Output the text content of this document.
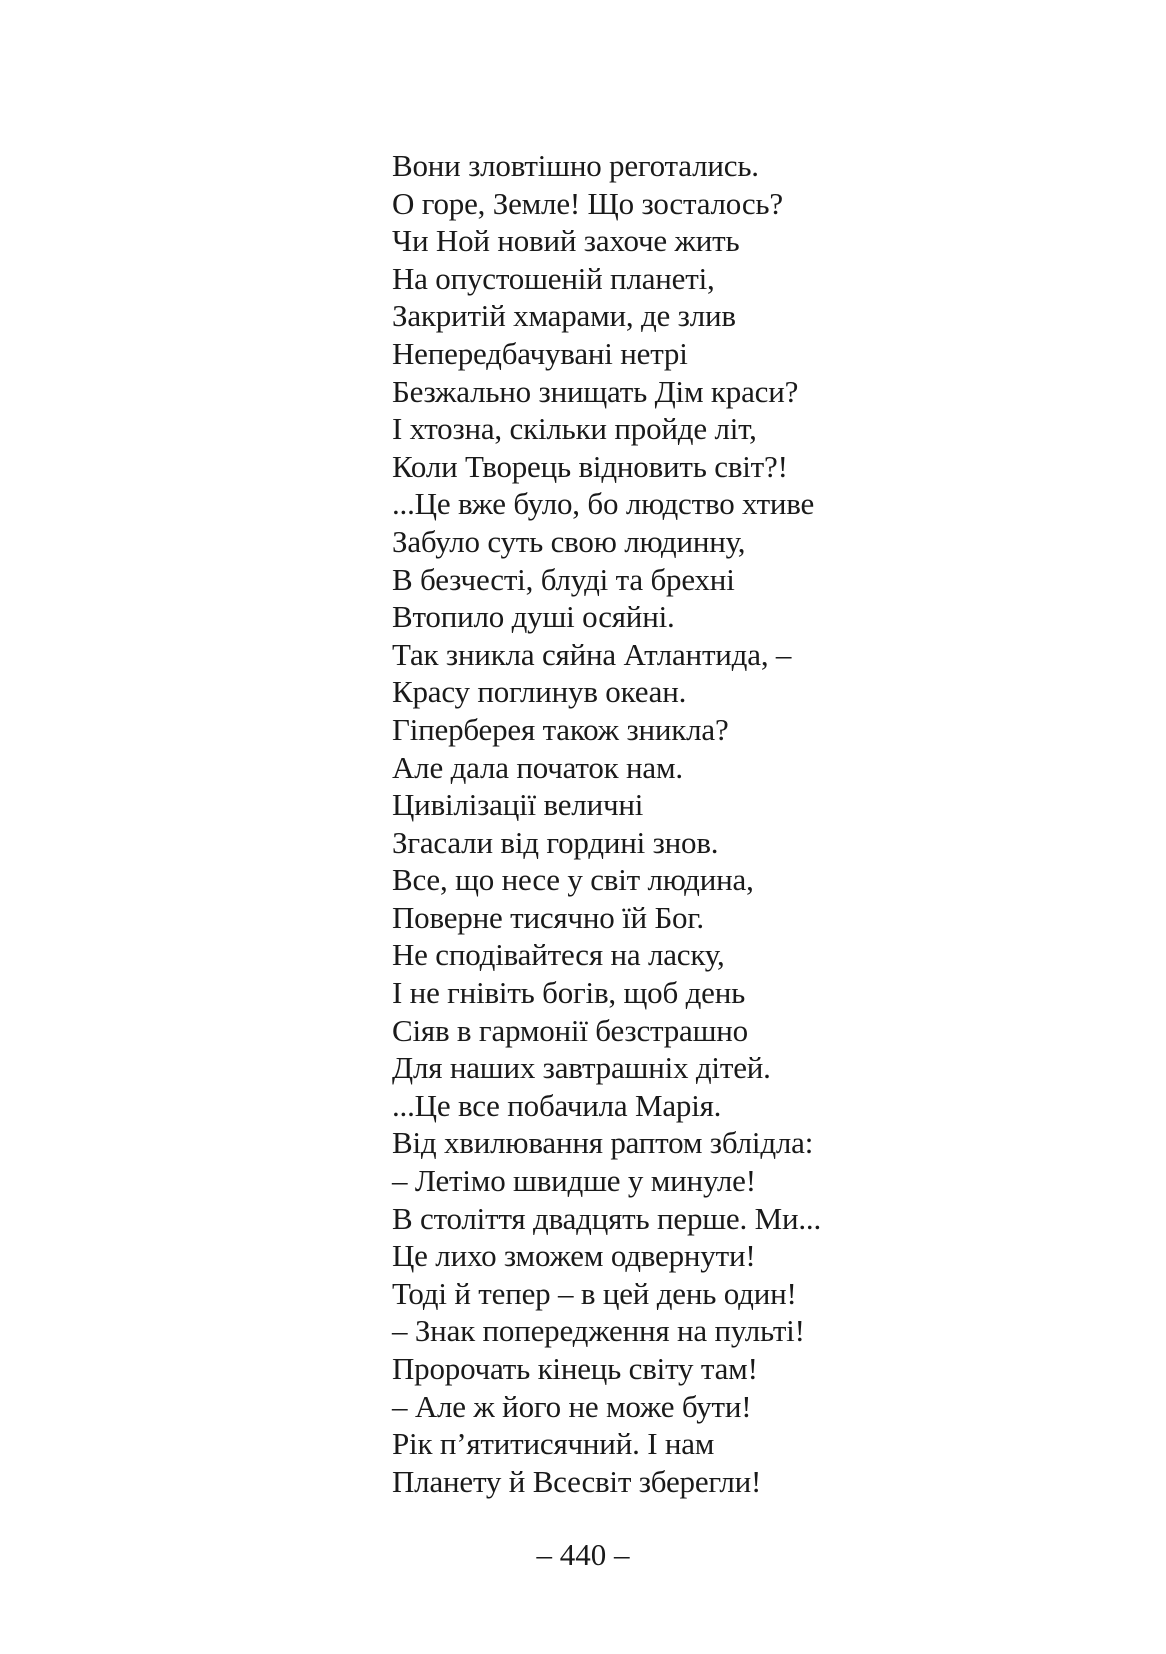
Вони зловтішно реготались.
О горе, Земле! Що зосталось?
Чи Ной новий захоче жить
На опустошеній планеті,
Закритій хмарами, де злив
Непередбачувані нетрі
Безжально знищать Дім краси?
І хтозна, скільки пройде літ,
Коли Творець відновить світ?!
...Це вже було, бо людство хтиве
Забуло суть свою людинну,
В безчесті, блуді та брехні
Втопило душі осяйні.
Так зникла сяйна Атлантида, –
Красу поглинув океан.
Гіперберея також зникла?
Але дала початок нам.
Цивілізації величні
Згасали від гордині знов.
Все, що несе у світ людина,
Поверне тисячно їй Бог.
Не сподівайтеся на ласку,
І не гнівіть богів, щоб день
Сіяв в гармонії безстрашно
Для наших завтрашніх дітей.
...Це все побачила Марія.
Від хвилювання раптом зблідла:
– Летімо швидше у минуле!
В століття двадцять перше. Ми...
Це лихо зможем одвернути!
Тоді й тепер – в цей день один!
– Знак попередження на пульті!
Пророчать кінець світу там!
– Але ж його не може бути!
Рік п’ятитисячний. І нам
Планету й Всесвіт зберегли!
– 440 –
